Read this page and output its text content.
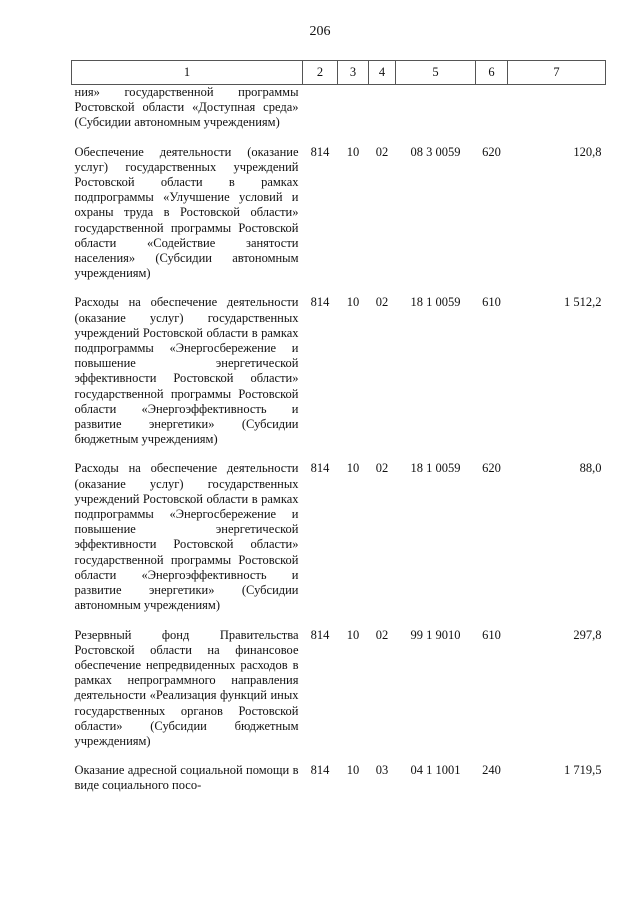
206
1	2	3	4	5	6	7
ния» государственной программы Ростовской области «Доступная среда» (Субсидии автономным учреждениям)						
Обеспечение деятельности (оказание услуг) государственных учреждений Ростовской области в рамках подпрограммы «Улучшение условий и охраны труда в Ростовской области» государственной программы Ростовской области «Содействие занятости населения» (Субсидии автономным учреждениям)	814	10	02	08 3 0059	620	120,8
Расходы на обеспечение деятельности (оказание услуг) государственных учреждений Ростовской области в рамках подпрограммы «Энергосбережение и повышение энергетической эффективности Ростовской области» государственной программы Ростовской области «Энергоэффективность и развитие энергетики» (Субсидии бюджетным учреждениям)	814	10	02	18 1 0059	610	1 512,2
Расходы на обеспечение деятельности (оказание услуг) государственных учреждений Ростовской области в рамках подпрограммы «Энергосбережение и повышение энергетической эффективности Ростовской области» государственной программы Ростовской области «Энергоэффективность и развитие энергетики» (Субсидии автономным учреждениям)	814	10	02	18 1 0059	620	88,0
Резервный фонд Правительства Ростовской области на финансовое обеспечение непредвиденных расходов в рамках непрограммного направления деятельности «Реализация функций иных государственных органов Ростовской области» (Субсидии бюджетным учреждениям)	814	10	02	99 1 9010	610	297,8
Оказание адресной социальной помощи в виде социального посо-	814	10	03	04 1 1001	240	1 719,5
